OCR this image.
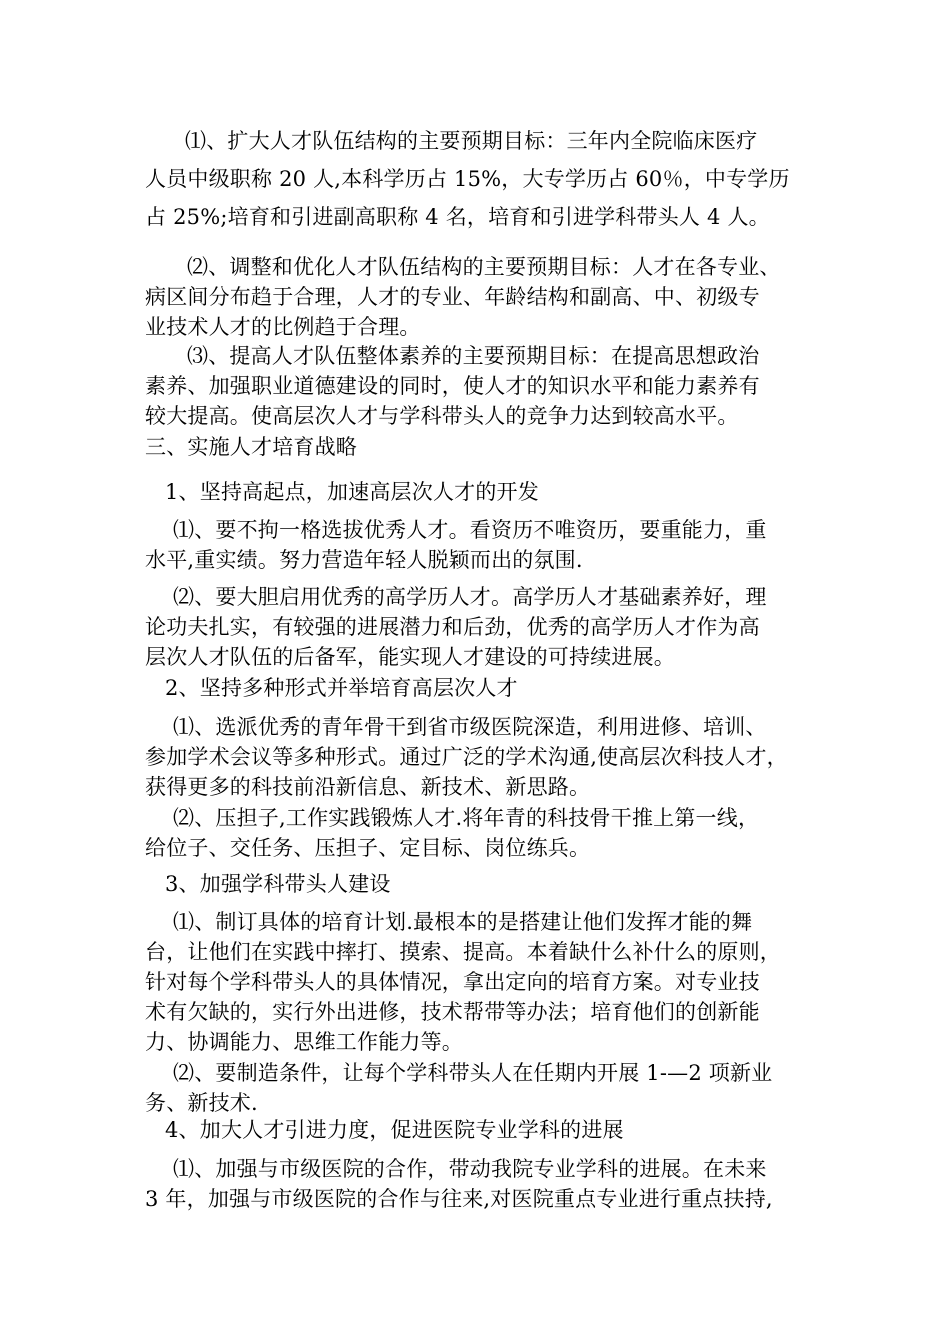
⑴、扩大人才队伍结构的主要预期目标：三年内全院临床医疗
人员中级职称 20 人,本科学历占 15%，大专学历占 60％，中专学历
占 25%;培育和引进副高职称 4 名，培育和引进学科带头人 4 人。

⑵、调整和优化人才队伍结构的主要预期目标：人才在各专业、
病区间分布趋于合理，人才的专业、年龄结构和副高、中、初级专
业技术人才的比例趋于合理。

⑶、提高人才队伍整体素养的主要预期目标：在提高思想政治
素养、加强职业道德建设的同时，使人才的知识水平和能力素养有
较大提高。使高层次人才与学科带头人的竞争力达到较高水平。

三、实施人才培育战略

1、坚持高起点，加速高层次人才的开发

⑴、要不拘一格选拔优秀人才。看资历不唯资历，要重能力，重
水平,重实绩。努力营造年轻人脱颖而出的氛围.

⑵、要大胆启用优秀的高学历人才。高学历人才基础素养好，理
论功夫扎实，有较强的进展潜力和后劲，优秀的高学历人才作为高
层次人才队伍的后备军，能实现人才建设的可持续进展。

2、坚持多种形式并举培育高层次人才

⑴、选派优秀的青年骨干到省市级医院深造，利用进修、培训、
参加学术会议等多种形式。通过广泛的学术沟通,使高层次科技人才，
获得更多的科技前沿新信息、新技术、新思路。

⑵、压担子,工作实践锻炼人才.将年青的科技骨干推上第一线，
给位子、交任务、压担子、定目标、岗位练兵。

3、加强学科带头人建设

⑴、制订具体的培育计划.最根本的是搭建让他们发挥才能的舞
台，让他们在实践中摔打、摸索、提高。本着缺什么补什么的原则，
针对每个学科带头人的具体情况，拿出定向的培育方案。对专业技
术有欠缺的，实行外出进修，技术帮带等办法；培育他们的创新能
力、协调能力、思维工作能力等。

⑵、要制造条件，让每个学科带头人在任期内开展 1-—2 项新业
务、新技术.

4、加大人才引进力度，促进医院专业学科的进展

⑴、加强与市级医院的合作，带动我院专业学科的进展。在未来
3 年，加强与市级医院的合作与往来,对医院重点专业进行重点扶持,
